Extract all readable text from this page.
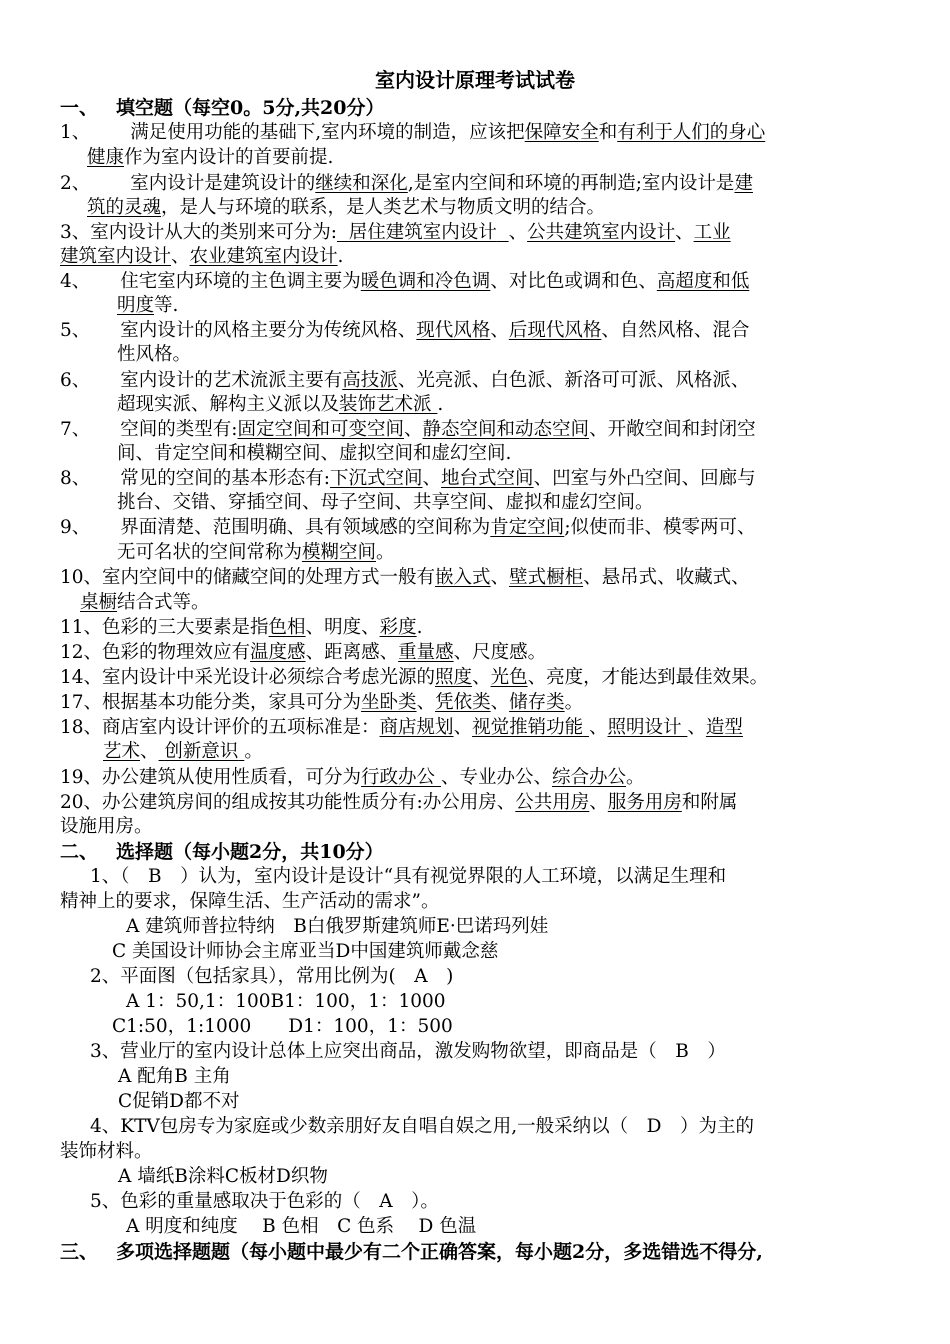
室内设计原理考试试卷
一、 填空题（每空0。5分,共20分）
1、 满足使用功能的基础下,室内环境的制造，应该把保障安全和有利于人们的身心
健康作为室内设计的首要前提.
2、 室内设计是建筑设计的继续和深化,是室内空间和环境的再制造;室内设计是建
筑的灵魂，是人与环境的联系，是人类艺术与物质文明的结合。
3、室内设计从大的类别来可分为: 居住建筑室内设计 、公共建筑室内设计、工业
建筑室内设计、农业建筑室内设计.
4、 住宅室内环境的主色调主要为暖色调和冷色调、对比色或调和色、高超度和低
明度等.
5、 室内设计的风格主要分为传统风格、现代风格、后现代风格、自然风格、混合
性风格。
6、 室内设计的艺术流派主要有高技派、光亮派、白色派、新洛可可派、风格派、
超现实派、解构主义派以及装饰艺术派 .
7、 空间的类型有:固定空间和可变空间、静态空间和动态空间、开敞空间和封闭空
间、肯定空间和模糊空间、虚拟空间和虚幻空间.
8、 常见的空间的基本形态有:下沉式空间、地台式空间、凹室与外凸空间、回廊与
挑台、交错、穿插空间、母子空间、共享空间、虚拟和虚幻空间。
9、 界面清楚、范围明确、具有领域感的空间称为肯定空间;似使而非、模零两可、
无可名状的空间常称为模糊空间。
10、室内空间中的储藏空间的处理方式一般有嵌入式、壁式橱柜、悬吊式、收藏式、
桌橱结合式等。
11、色彩的三大要素是指色相、明度、彩度.
12、色彩的物理效应有温度感、距离感、重量感、尺度感。
14、室内设计中采光设计必须综合考虑光源的照度、光色、亮度，才能达到最佳效果。
17、根据基本功能分类，家具可分为坐卧类、凭依类、储存类。
18、商店室内设计评价的五项标准是：商店规划、视觉推销功能 、照明设计 、造型
艺术、 创新意识 。
19、办公建筑从使用性质看，可分为行政办公 、专业办公、综合办公。
20、办公建筑房间的组成按其功能性质分有:办公用房、公共用房、服务用房和附属
设施用房。
二、 选择题（每小题2分，共10分）
1、（　B　）认为，室内设计是设计“具有视觉界限的人工环境，以满足生理和
精神上的要求，保障生活、生产活动的需求”。
A 建筑师普拉特纳　B白俄罗斯建筑师E·巴诺玛列娃
C 美国设计师协会主席亚当D中国建筑师戴念慈
2、平面图（包括家具），常用比例为(　A　)
A 1：50,1：100B1：100，1：1000
C1:50，1:1000　　D1：100，1：500
3、营业厅的室内设计总体上应突出商品，激发购物欲望，即商品是（　B　）
A 配角B 主角
C促销D都不对
4、KTV包房专为家庭或少数亲朋好友自唱自娱之用,一般采纳以（　D　）为主的
装饰材料。
A 墙纸B涂料C板材D织物
5、色彩的重量感取决于色彩的（　A　）。
A 明度和纯度　 B 色相　C 色系　 D 色温
三、 多项选择题题（每小题中最少有二个正确答案，每小题2分，多选错选不得分,
